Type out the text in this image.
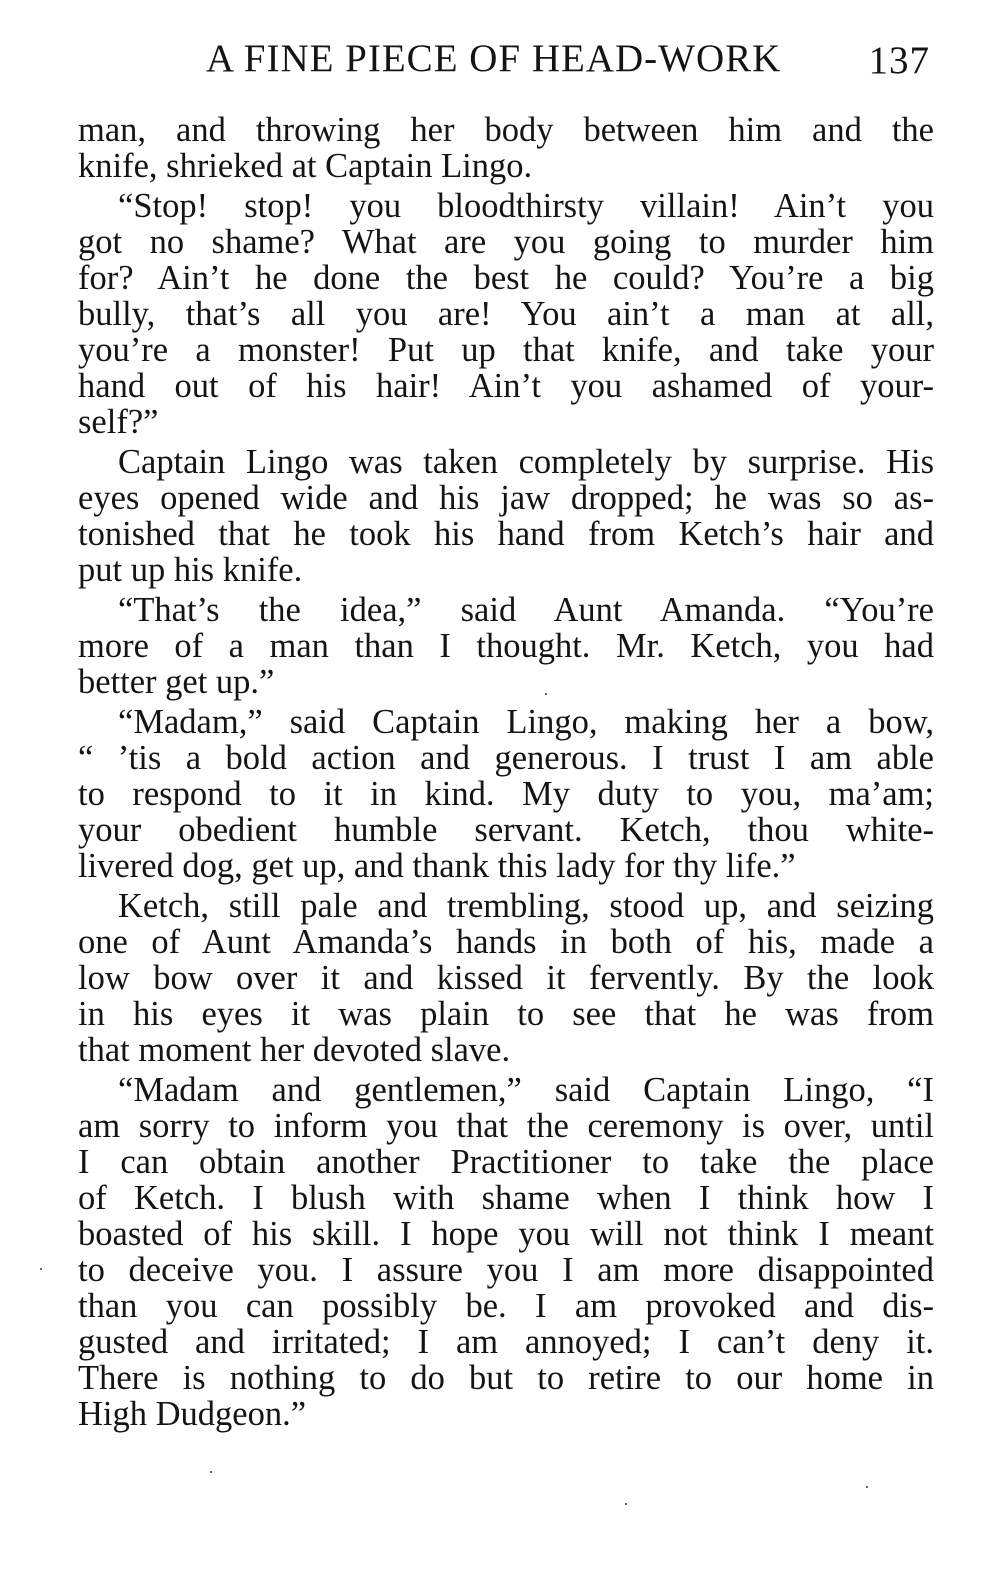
A FINE PIECE OF HEAD-WORK 137
man, and throwing her body between him and the
knife, shrieked at Captain Lingo.
“Stop! stop! you bloodthirsty villain! Ain’t you
got no shame? What are you going to murder him
for? Ain’t he done the best he could? You’re a big
bully, that’s all you are! You ain’t a man at all,
you’re a monster! Put up that knife, and take your
hand out of his hair! Ain’t you ashamed of your-
self?”
Captain Lingo was taken completely by surprise. His
eyes opened wide and his jaw dropped; he was so as-
tonished that he took his hand from Ketch’s hair and
put up his knife.
“That’s the idea,” said Aunt Amanda. “You’re
more of a man than I thought. Mr. Ketch, you had
better get up.”
“Madam,” said Captain Lingo, making her a bow,
“ ’tis a bold action and generous. I trust I am able
to respond to it in kind. My duty to you, ma’am;
your obedient humble servant. Ketch, thou white-
livered dog, get up, and thank this lady for thy life.”
Ketch, still pale and trembling, stood up, and seizing
one of Aunt Amanda’s hands in both of his, made a
low bow over it and kissed it fervently. By the look
in his eyes it was plain to see that he was from
that moment her devoted slave.
“Madam and gentlemen,” said Captain Lingo, “I
am sorry to inform you that the ceremony is over, until
I can obtain another Practitioner to take the place
of Ketch. I blush with shame when I think how I
boasted of his skill. I hope you will not think I meant
to deceive you. I assure you I am more disappointed
than you can possibly be. I am provoked and dis-
gusted and irritated; I am annoyed; I can’t deny it.
There is nothing to do but to retire to our home in
High Dudgeon.”
